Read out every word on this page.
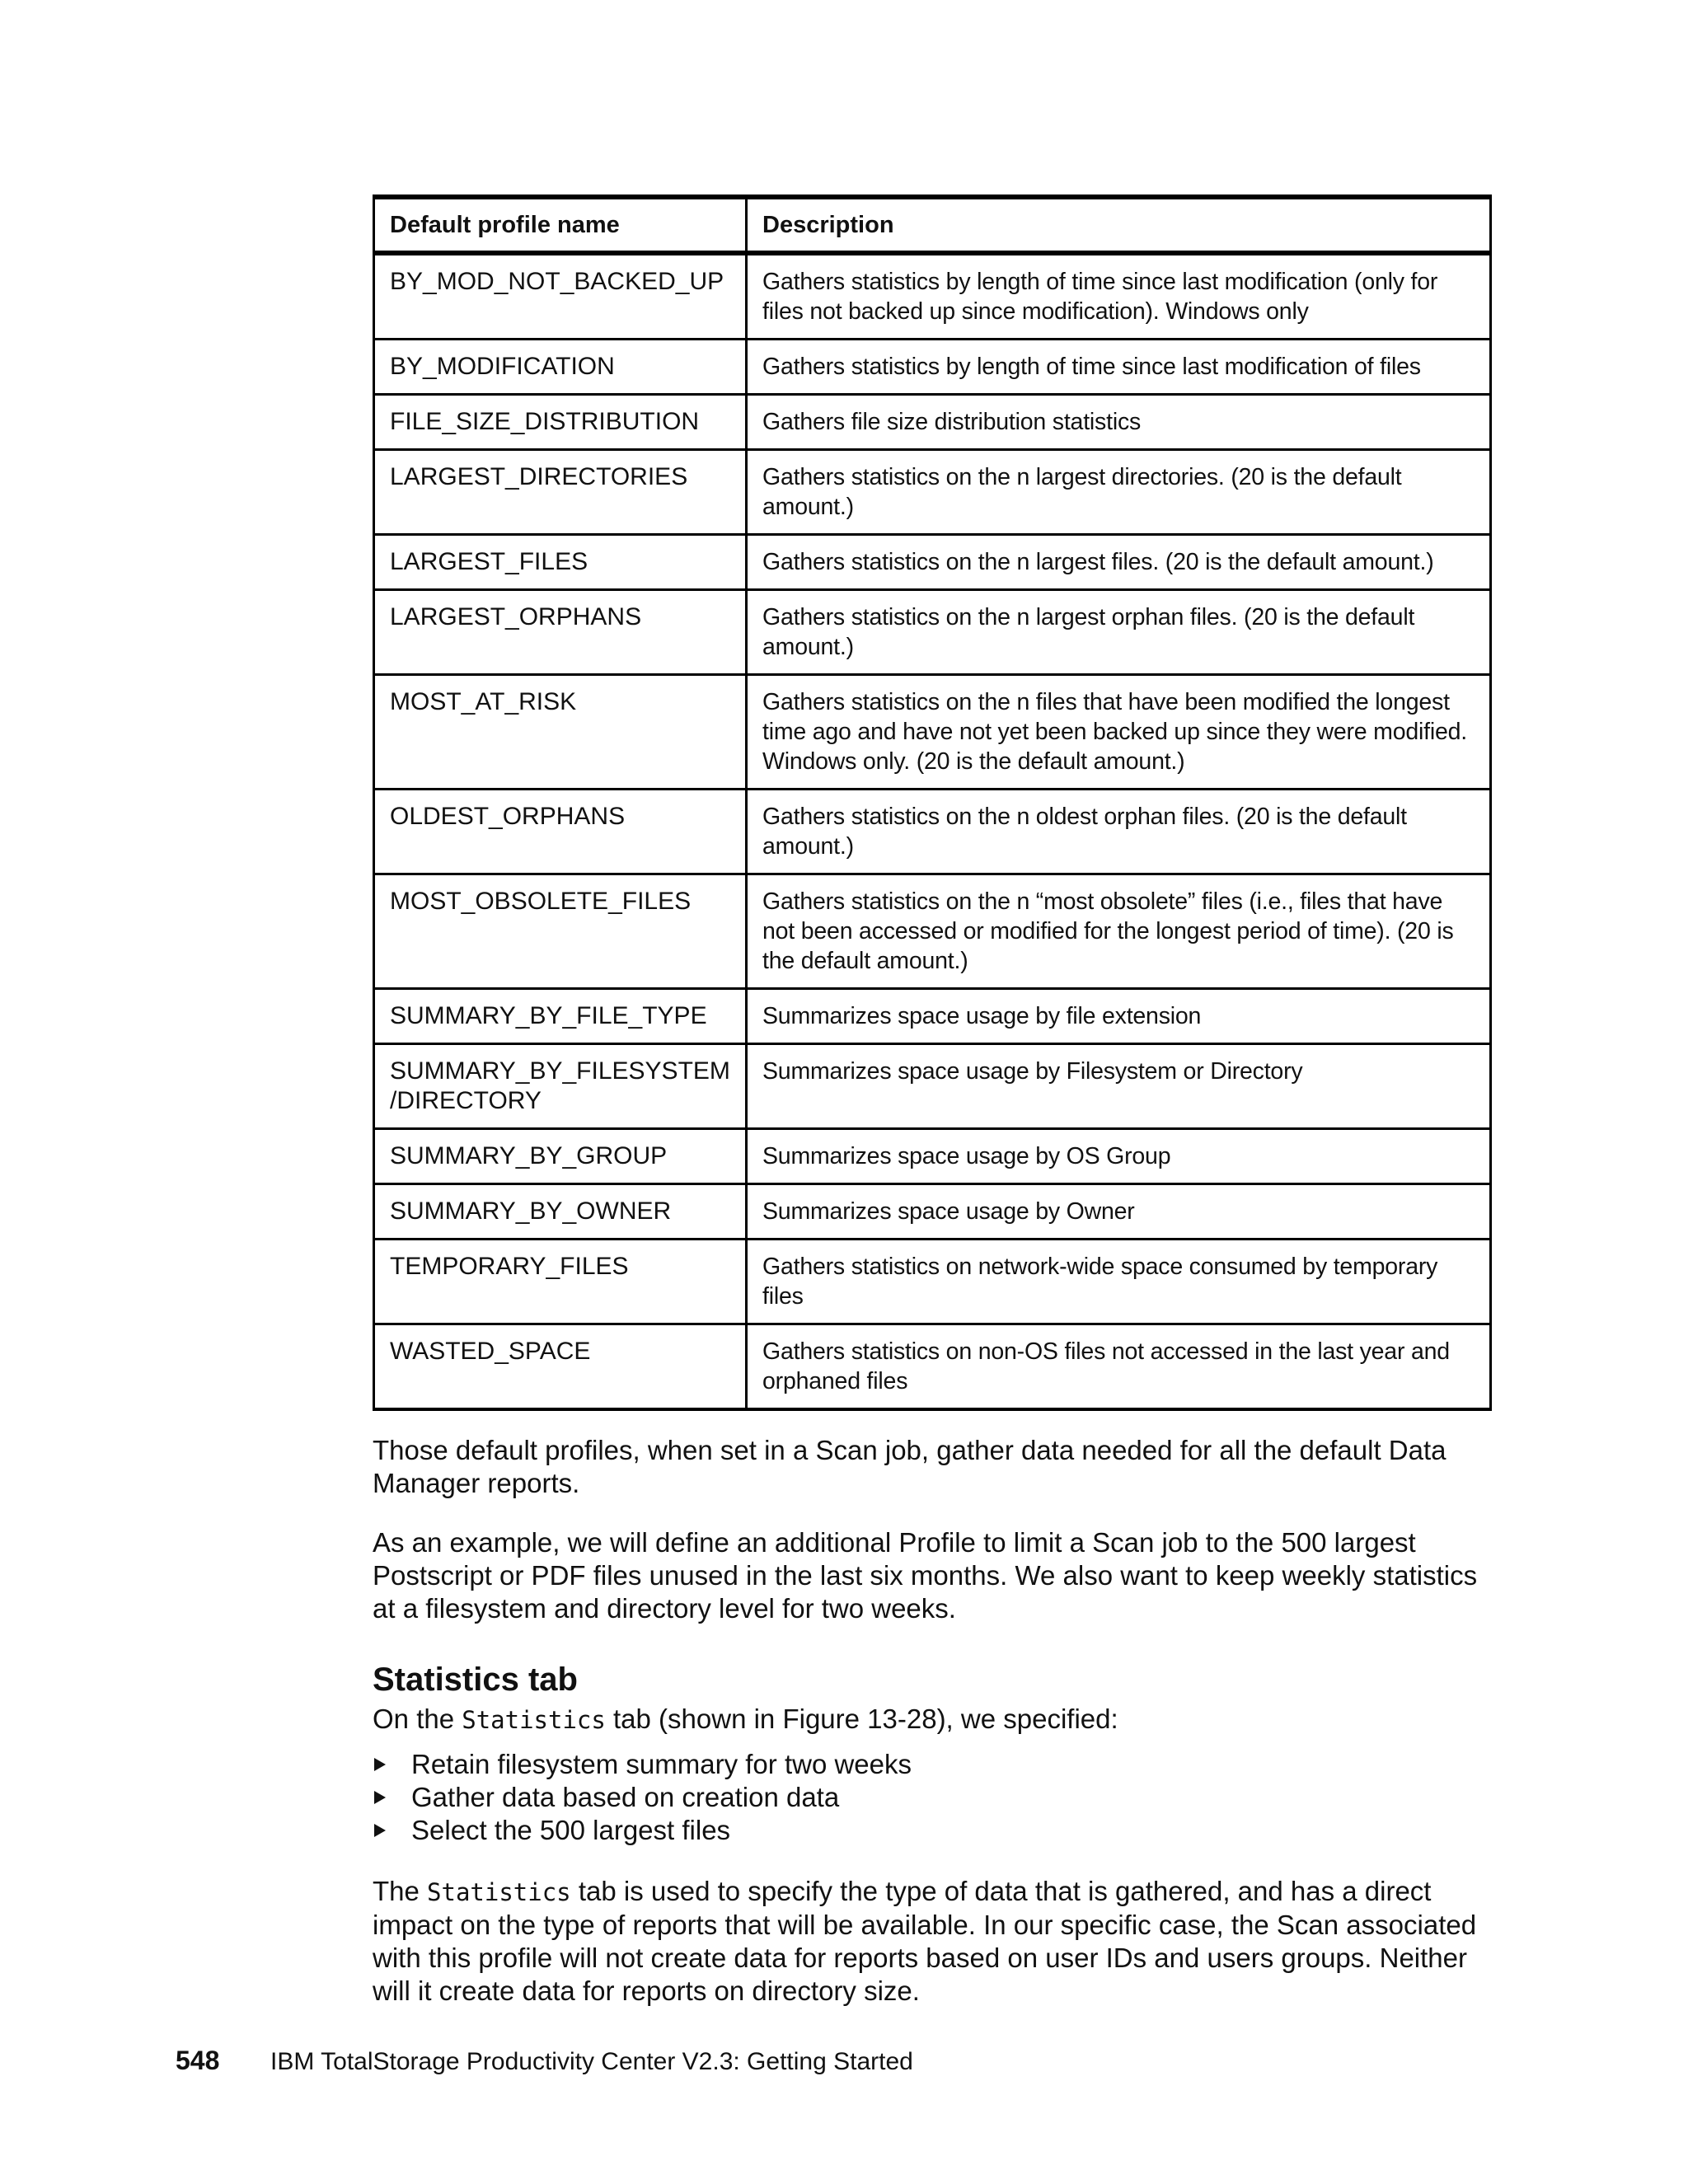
Default profile name	Description
BY_MOD_NOT_BACKED_UP	Gathers statistics by length of time since last modification (only for files not backed up since modification). Windows only
BY_MODIFICATION	Gathers statistics by length of time since last modification of files
FILE_SIZE_DISTRIBUTION	Gathers file size distribution statistics
LARGEST_DIRECTORIES	Gathers statistics on the n largest directories. (20 is the default amount.)
LARGEST_FILES	Gathers statistics on the n largest files. (20 is the default amount.)
LARGEST_ORPHANS	Gathers statistics on the n largest orphan files. (20 is the default amount.)
MOST_AT_RISK	Gathers statistics on the n files that have been modified the longest time ago and have not yet been backed up since they were modified. Windows only. (20 is the default amount.)
OLDEST_ORPHANS	Gathers statistics on the n oldest orphan files. (20 is the default amount.)
MOST_OBSOLETE_FILES	Gathers statistics on the n “most obsolete” files (i.e., files that have not been accessed or modified for the longest period of time). (20 is the default amount.)
SUMMARY_BY_FILE_TYPE	Summarizes space usage by file extension
SUMMARY_BY_FILESYSTEM
/DIRECTORY	Summarizes space usage by Filesystem or Directory
SUMMARY_BY_GROUP	Summarizes space usage by OS Group
SUMMARY_BY_OWNER	Summarizes space usage by Owner
TEMPORARY_FILES	Gathers statistics on network-wide space consumed by temporary files
WASTED_SPACE	Gathers statistics on non-OS files not accessed in the last year and orphaned files

Those default profiles, when set in a Scan job, gather data needed for all the default Data Manager reports.

As an example, we will define an additional Profile to limit a Scan job to the 500 largest Postscript or PDF files unused in the last six months. We also want to keep weekly statistics at a filesystem and directory level for two weeks.

Statistics tab

On the Statistics tab (shown in Figure 13-28), we specified:

Retain filesystem summary for two weeks
Gather data based on creation data
Select the 500 largest files

The Statistics tab is used to specify the type of data that is gathered, and has a direct impact on the type of reports that will be available. In our specific case, the Scan associated with this profile will not create data for reports based on user IDs and users groups. Neither will it create data for reports on directory size.

548 IBM TotalStorage Productivity Center V2.3: Getting Started
